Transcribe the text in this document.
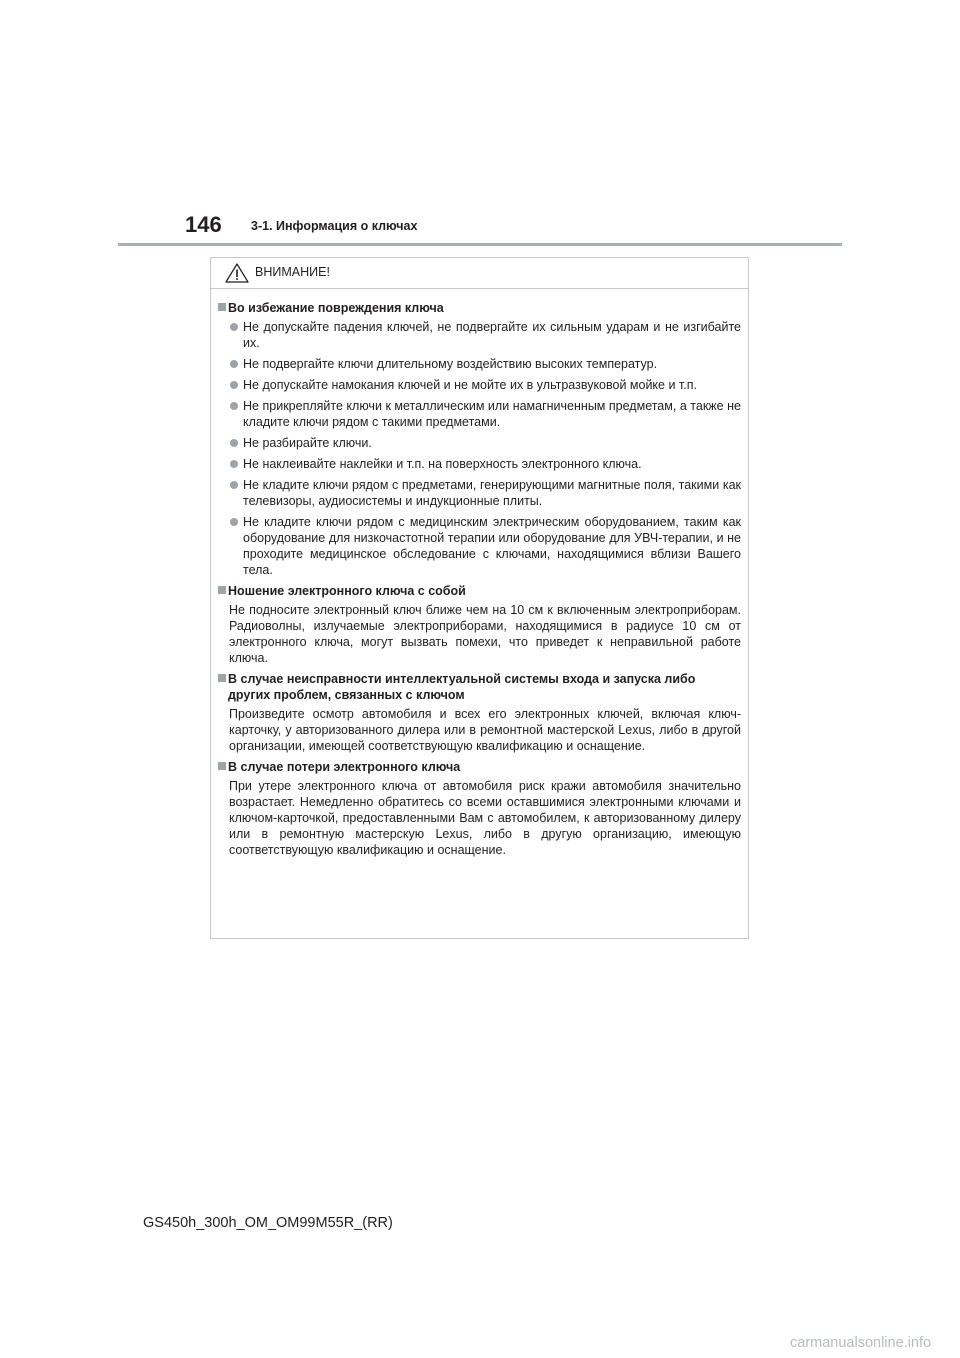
146 3-1. Информация о ключах
ВНИМАНИЕ!
Во избежание повреждения ключа
Не допускайте падения ключей, не подвергайте их сильным ударам и не изгибайте их.
Не подвергайте ключи длительному воздействию высоких температур.
Не допускайте намокания ключей и не мойте их в ультразвуковой мойке и т.п.
Не прикрепляйте ключи к металлическим или намагниченным предметам, а также не кладите ключи рядом с такими предметами.
Не разбирайте ключи.
Не наклеивайте наклейки и т.п. на поверхность электронного ключа.
Не кладите ключи рядом с предметами, генерирующими магнитные поля, такими как телевизоры, аудиосистемы и индукционные плиты.
Не кладите ключи рядом с медицинским электрическим оборудованием, таким как оборудование для низкочастотной терапии или оборудование для УВЧ-терапии, и не проходите медицинское обследование с ключами, находящимися вблизи Вашего тела.
Ношение электронного ключа с собой
Не подносите электронный ключ ближе чем на 10 см к включенным электроприборам. Радиоволны, излучаемые электроприборами, находящимися в радиусе 10 см от электронного ключа, могут вызвать помехи, что приведет к неправильной работе ключа.
В случае неисправности интеллектуальной системы входа и запуска либо других проблем, связанных с ключом
Произведите осмотр автомобиля и всех его электронных ключей, включая ключ-карточку, у авторизованного дилера или в ремонтной мастерской Lexus, либо в другой организации, имеющей соответствующую квалификацию и оснащение.
В случае потери электронного ключа
При утере электронного ключа от автомобиля риск кражи автомобиля значительно возрастает. Немедленно обратитесь со всеми оставшимися электронными ключами и ключом-карточкой, предоставленными Вам с автомобилем, к авторизованному дилеру или в ремонтную мастерскую Lexus, либо в другую организацию, имеющую соответствующую квалификацию и оснащение.
GS450h_300h_OM_OM99M55R_(RR)
carmanualsonline.info
